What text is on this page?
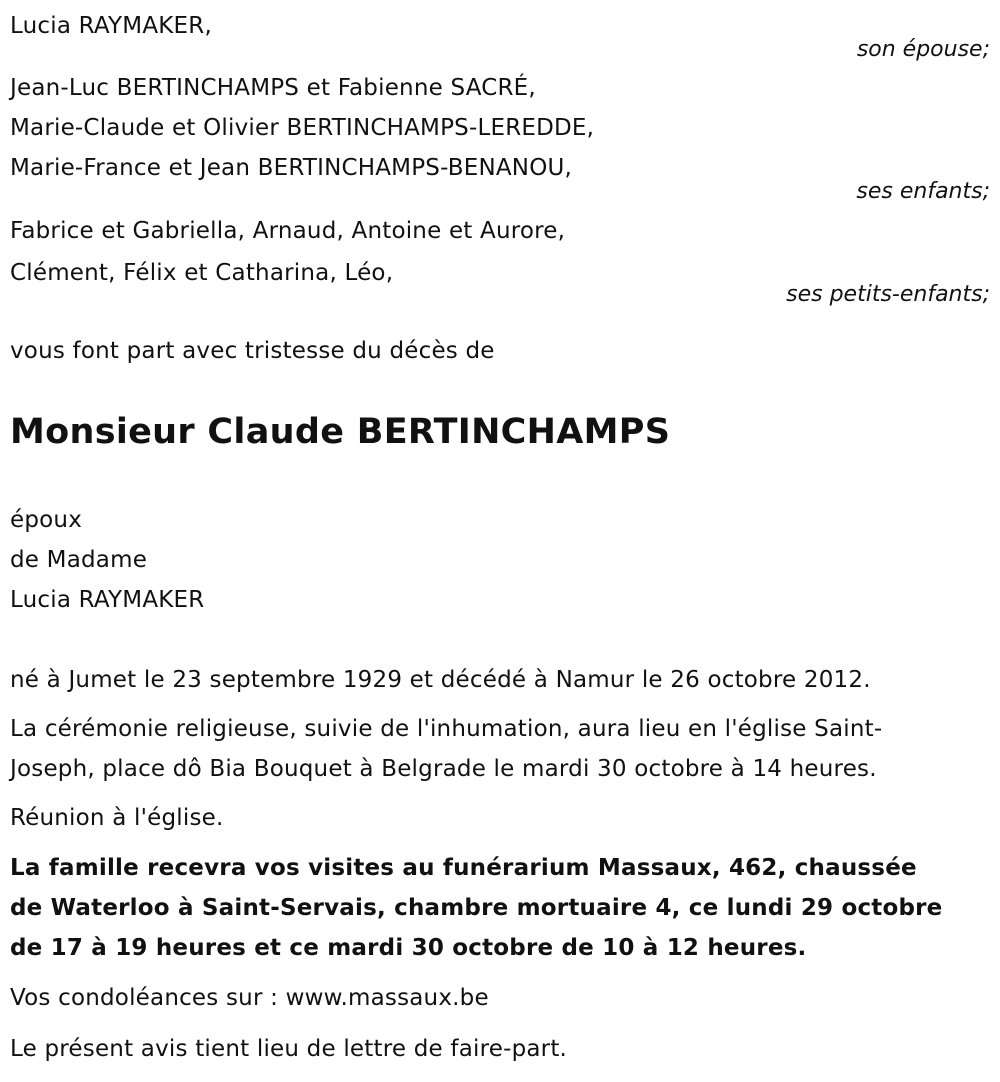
Lucia RAYMAKER,
son épouse;
Jean-Luc BERTINCHAMPS et Fabienne SACRÉ,
Marie-Claude et Olivier BERTINCHAMPS-LEREDDE,
Marie-France et Jean BERTINCHAMPS-BENANOU,
ses enfants;
Fabrice et Gabriella, Arnaud, Antoine et Aurore,
Clément, Félix et Catharina, Léo,
ses petits-enfants;
vous font part avec tristesse du décès de
Monsieur Claude BERTINCHAMPS
époux
de Madame
Lucia RAYMAKER
né à Jumet le 23 septembre 1929 et décédé à Namur le 26 octobre 2012.
La cérémonie religieuse, suivie de l'inhumation, aura lieu en l'église Saint-
Joseph, place dô Bia Bouquet à Belgrade le mardi 30 octobre à 14 heures.
Réunion à l'église.
La famille recevra vos visites au funérarium Massaux, 462, chaussée
de Waterloo à Saint-Servais, chambre mortuaire 4, ce lundi 29 octobre
de 17 à 19 heures et ce mardi 30 octobre de 10 à 12 heures.
Vos condoléances sur : www.massaux.be
Le présent avis tient lieu de lettre de faire-part.
